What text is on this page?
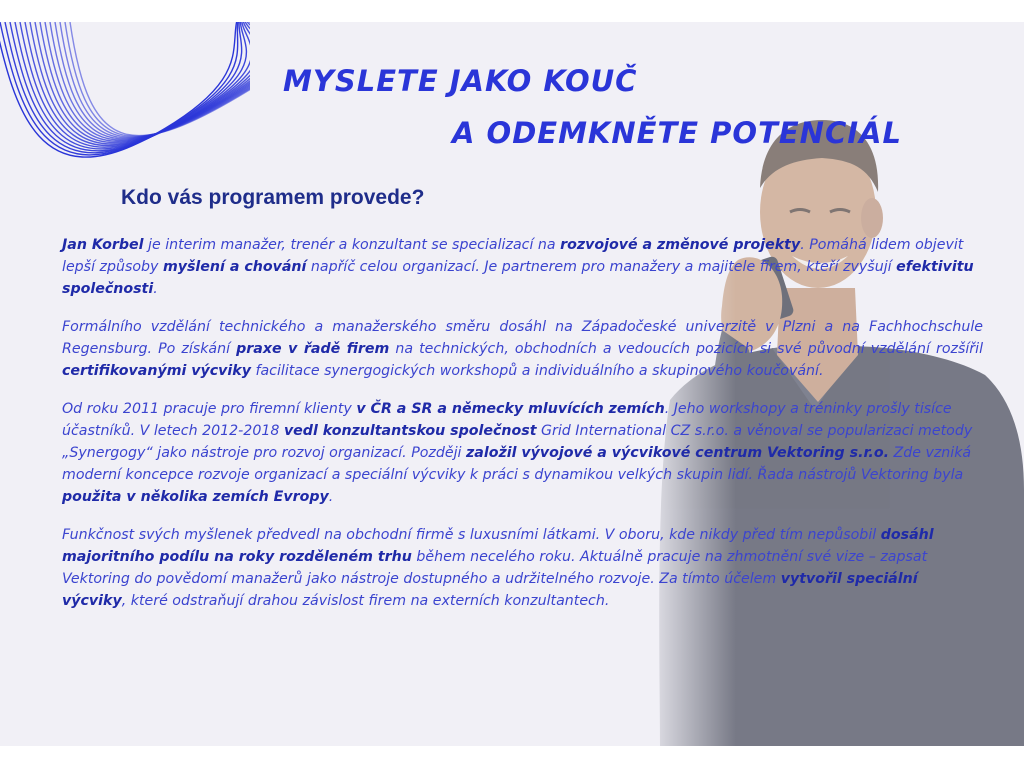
MYSLETE JAKO KOUČ
A ODEMKNĚTE POTENCIÁL
Kdo vás programem provede?

Jan Korbel je interim manažer, trenér a konzultant se specializací na rozvojové a změnové projekty. Pomáhá lidem objevit lepší způsoby myšlení a chování napříč celou organizací. Je partnerem pro manažery a majitele firem, kteří zvyšují efektivitu společnosti.

Formálního vzdělání technického a manažerského směru dosáhl na Západočeské univerzitě v Plzni a na Fachhochschule Regensburg. Po získání praxe v řadě firem na technických, obchodních a vedoucích pozicích si své původní vzdělání rozšířil certifikovanými výcviky facilitace synergogických workshopů a individuálního a skupinového koučování.

Od roku 2011 pracuje pro firemní klienty v ČR a SR a německy mluvících zemích. Jeho workshopy a tréninky prošly tisíce účastníků. V letech 2012-2018 vedl konzultantskou společnost Grid International CZ s.r.o. a věnoval se popularizaci metody „Synergogy“ jako nástroje pro rozvoj organizací. Později založil vývojové a výcvikové centrum Vektoring s.r.o. Zde vzniká moderní koncepce rozvoje organizací a speciální výcviky k práci s dynamikou velkých skupin lidí. Řada nástrojů Vektoring byla použita v několika zemích Evropy.

Funkčnost svých myšlenek předvedl na obchodní firmě s luxusními látkami. V oboru, kde nikdy před tím nepůsobil dosáhl majoritního podílu na roky rozděleném trhu během necelého roku. Aktuálně pracuje na zhmotnění své vize – zapsat Vektoring do povědomí manažerů jako nástroje dostupného a udržitelného rozvoje. Za tímto účelem vytvořil speciální výcviky, které odstraňují drahou závislost firem na externích konzultantech.
